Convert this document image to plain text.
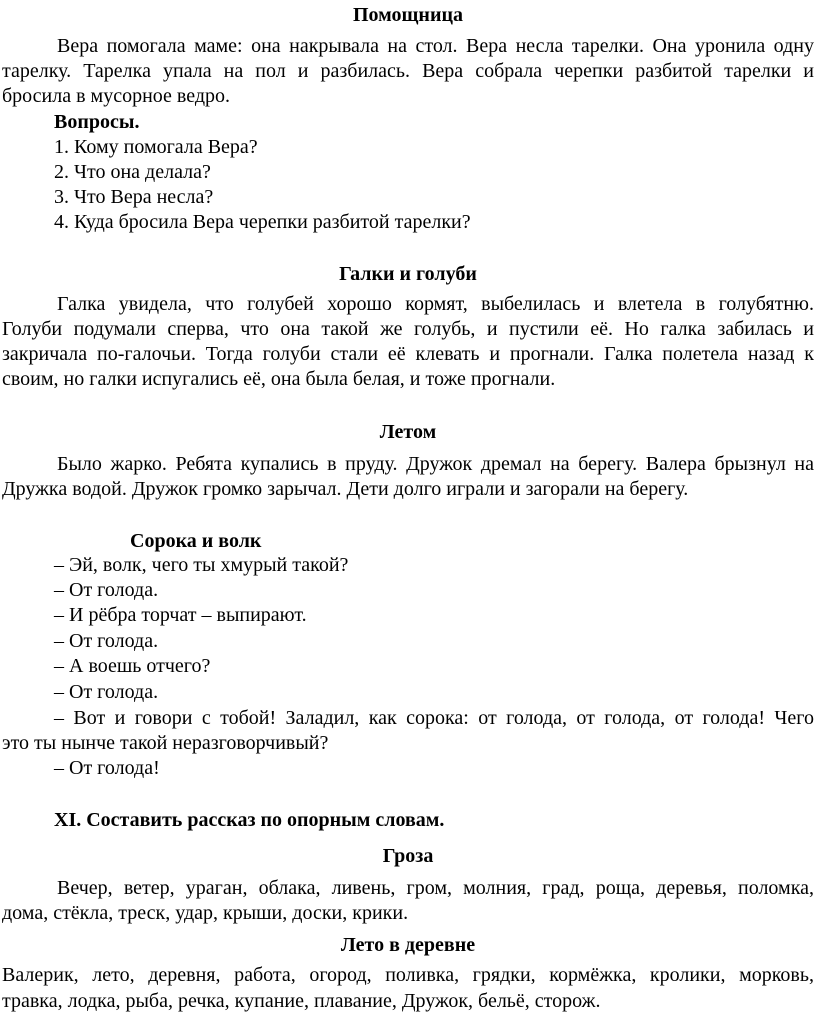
Помощница
Вера помогала маме: она накрывала на стол. Вера несла тарелки. Она уронила одну
тарелку. Тарелка упала на пол и разбилась. Вера собрала черепки разбитой тарелки и
бросила в мусорное ведро.
Вопросы.
1. Кому помогала Вера?
2. Что она делала?
3. Что Вера несла?
4. Куда бросила Вера черепки разбитой тарелки?
Галки и голуби
Галка увидела, что голубей хорошо кормят, выбелилась и влетела в голубятню.
Голуби подумали сперва, что она такой же голубь, и пустили её. Но галка забилась и
закричала по-галочьи. Тогда голуби стали её клевать и прогнали. Галка полетела назад к
своим, но галки испугались её, она была белая, и тоже прогнали.
Летом
Было жарко. Ребята купались в пруду. Дружок дремал на берегу. Валера брызнул на
Дружка водой. Дружок громко зарычал. Дети долго играли и загорали на берегу.
Сорока и волк
– Эй, волк, чего ты хмурый такой?
– От голода.
– И рёбра торчат – выпирают.
– От голода.
– А воешь отчего?
– От голода.
– Вот и говори с тобой! Заладил, как сорока: от голода, от голода, от голода! Чего
это ты нынче такой неразговорчивый?
– От голода!
XI. Составить рассказ по опорным словам.
Гроза
Вечер, ветер, ураган, облака, ливень, гром, молния, град, роща, деревья, поломка,
дома, стёкла, треск, удар, крыши, доски, крики.
Лето в деревне
Валерик, лето, деревня, работа, огород, поливка, грядки, кормёжка, кролики, морковь,
травка, лодка, рыба, речка, купание, плавание, Дружок, бельё, сторож.
